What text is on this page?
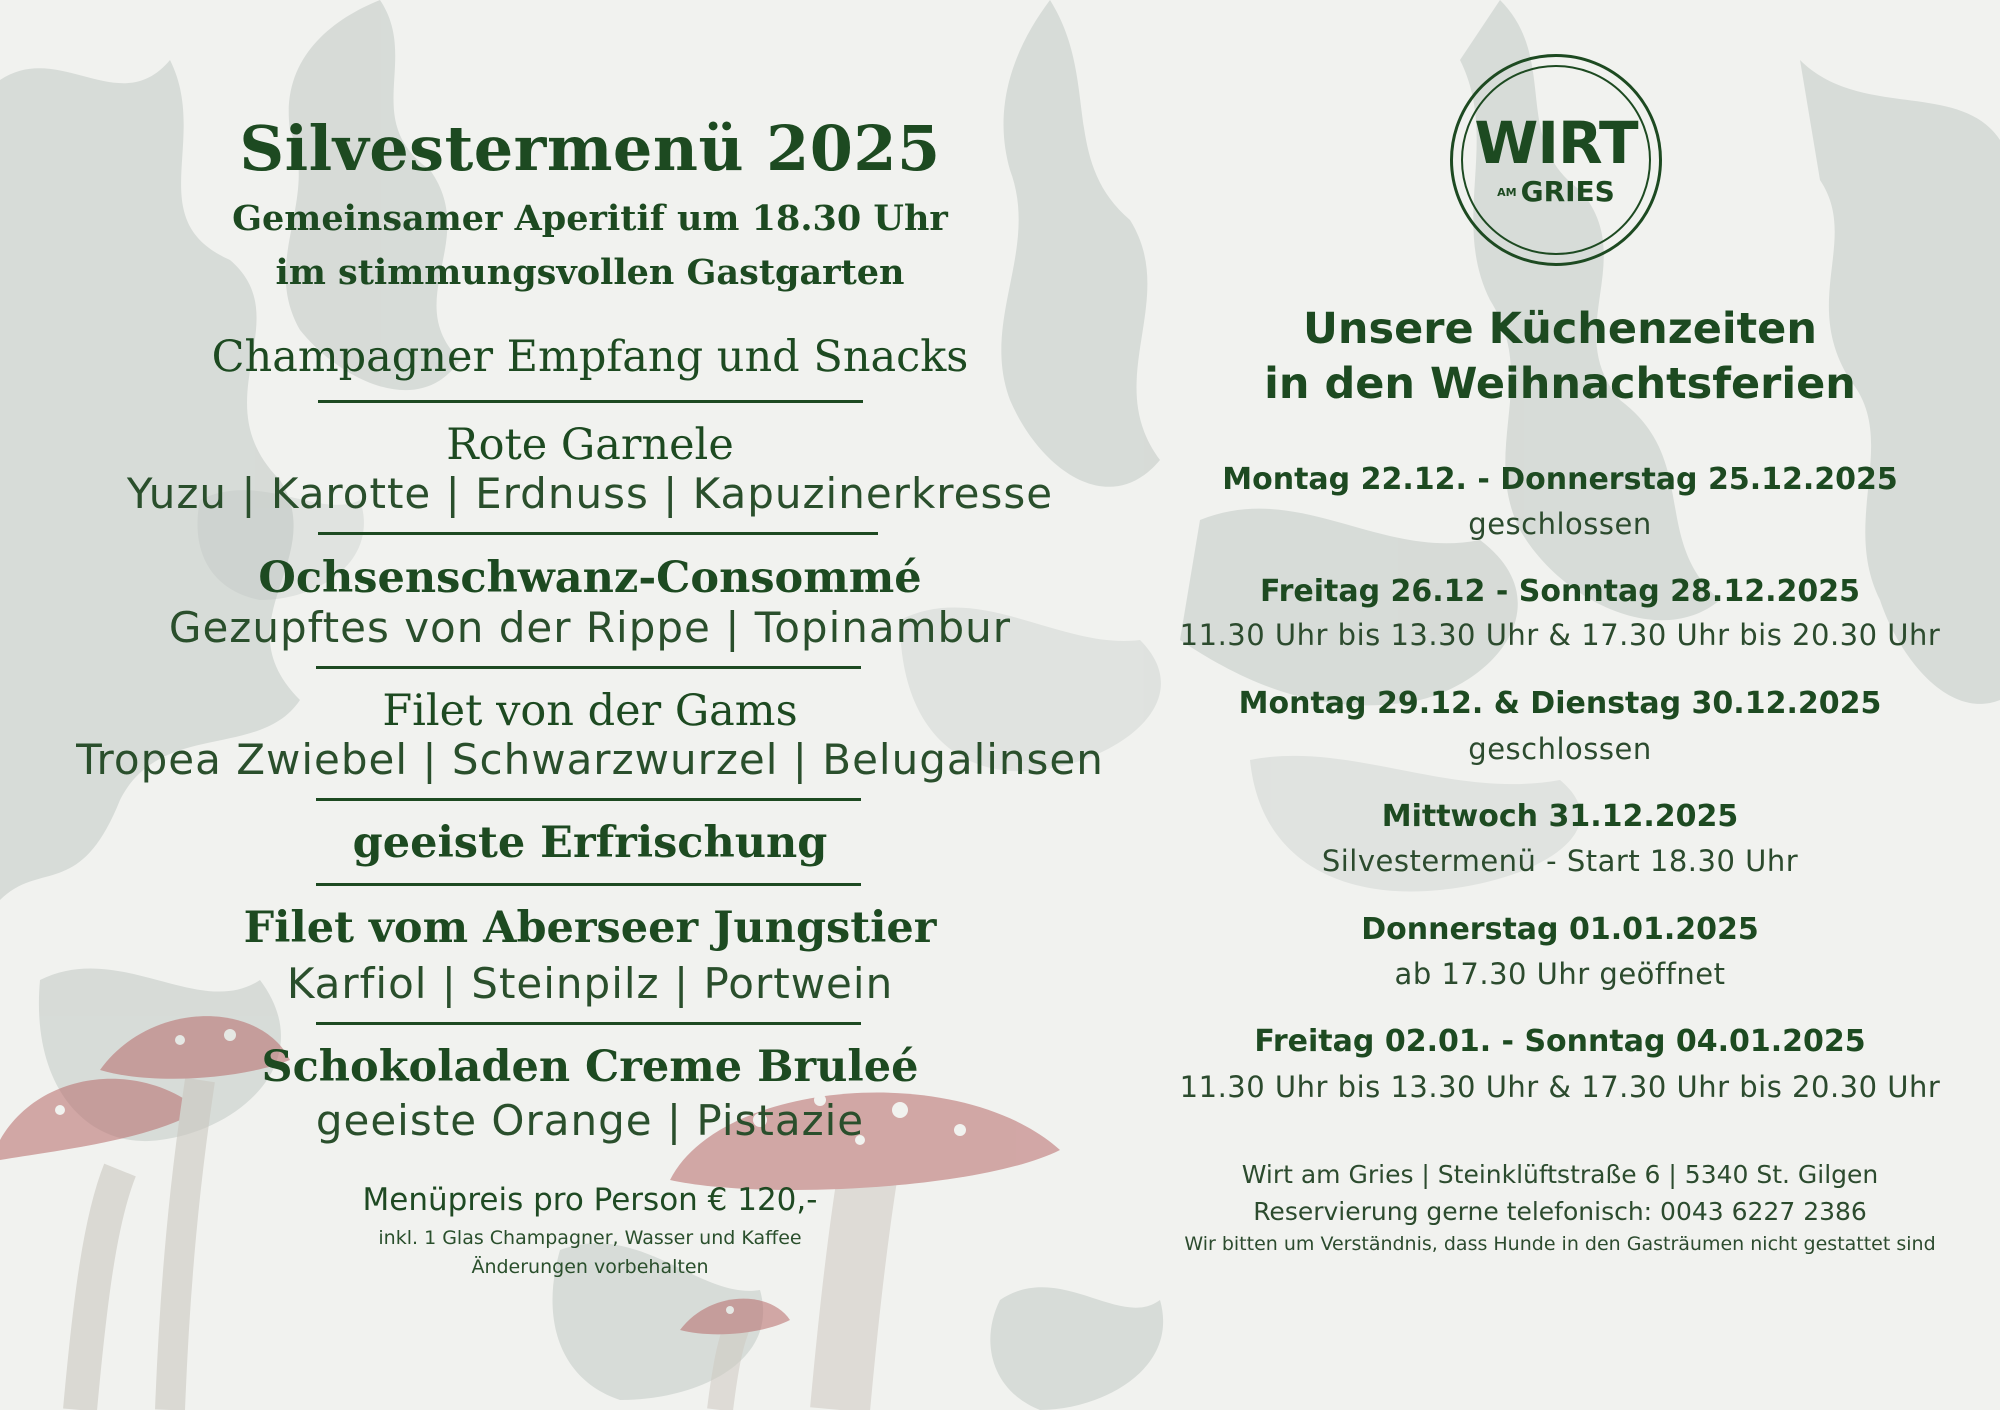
Silvestermenü 2025
Gemeinsamer Aperitif um 18.30 Uhr
im stimmungsvollen Gastgarten
Champagner Empfang und Snacks
Rote Garnele
Yuzu | Karotte | Erdnuss | Kapuzinerkresse
Ochsenschwanz-Consommé
Gezupftes von der Rippe | Topinambur
Filet von der Gams
Tropea Zwiebel | Schwarzwurzel | Belugalinsen
geeiste Erfrischung
Filet vom Aberseer Jungstier
Karfiol | Steinpilz | Portwein
Schokoladen Creme Bruleé
geeiste Orange | Pistazie
Menüpreis pro Person € 120,-
inkl. 1 Glas Champagner, Wasser und Kaffee
Änderungen vorbehalten
WIRT
AM GRIES
Unsere Küchenzeiten
in den Weihnachtsferien
Montag 22.12. - Donnerstag 25.12.2025
geschlossen
Freitag 26.12 - Sonntag 28.12.2025
11.30 Uhr bis 13.30 Uhr & 17.30 Uhr bis 20.30 Uhr
Montag 29.12. & Dienstag 30.12.2025
geschlossen
Mittwoch 31.12.2025
Silvestermenü - Start 18.30 Uhr
Donnerstag 01.01.2025
ab 17.30 Uhr geöffnet
Freitag 02.01. - Sonntag 04.01.2025
11.30 Uhr bis 13.30 Uhr & 17.30 Uhr bis 20.30 Uhr
Wirt am Gries | Steinklüftstraße 6 | 5340 St. Gilgen
Reservierung gerne telefonisch: 0043 6227 2386
Wir bitten um Verständnis, dass Hunde in den Gasträumen nicht gestattet sind
